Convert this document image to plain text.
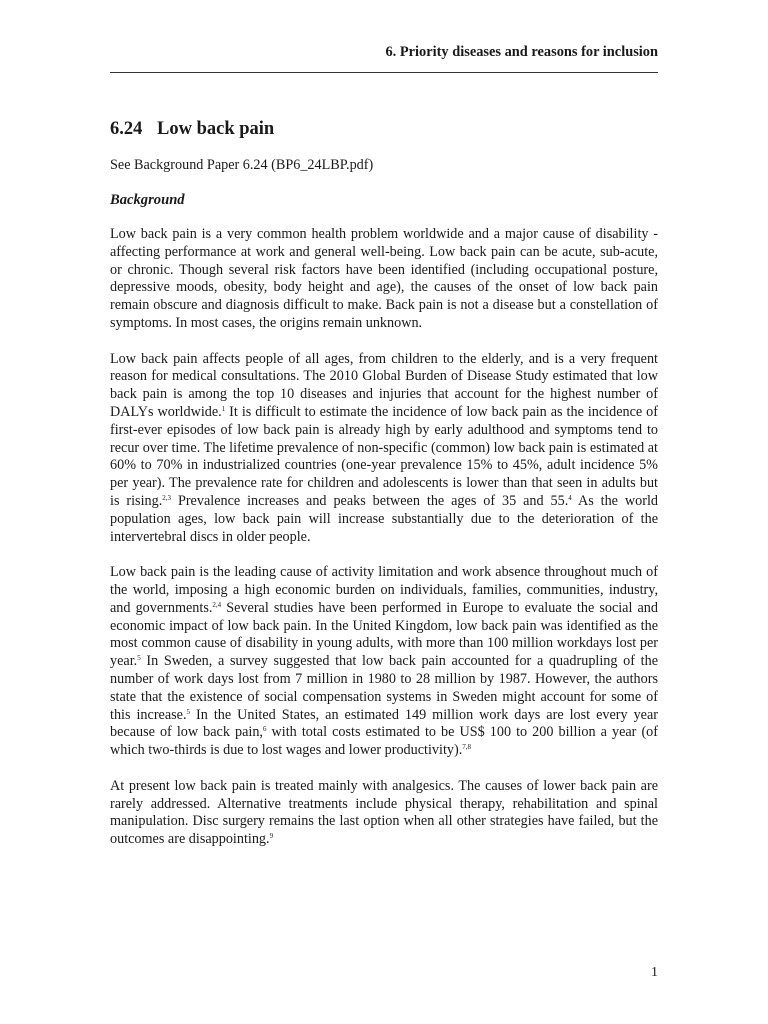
6. Priority diseases and reasons for inclusion
6.24 Low back pain
See Background Paper 6.24 (BP6_24LBP.pdf)
Background

Low back pain is a very common health problem worldwide and a major cause of disability - affecting performance at work and general well-being. Low back pain can be acute, sub-acute, or chronic. Though several risk factors have been identified (including occupational posture, depressive moods, obesity, body height and age), the causes of the onset of low back pain remain obscure and diagnosis difficult to make. Back pain is not a disease but a constellation of symptoms. In most cases, the origins remain unknown.

Low back pain affects people of all ages, from children to the elderly, and is a very frequent reason for medical consultations. The 2010 Global Burden of Disease Study estimated that low back pain is among the top 10 diseases and injuries that account for the highest number of DALYs worldwide.$^1$ It is difficult to estimate the incidence of low back pain as the incidence of first-ever episodes of low back pain is already high by early adulthood and symptoms tend to recur over time. The lifetime prevalence of non-specific (common) low back pain is estimated at 60% to 70% in industrialized countries (one-year prevalence 15% to 45%, adult incidence 5% per year). The prevalence rate for children and adolescents is lower than that seen in adults but is rising.$^{2,3}$ Prevalence increases and peaks between the ages of 35 and 55.$^4$ As the world population ages, low back pain will increase substantially due to the deterioration of the intervertebral discs in older people.

Low back pain is the leading cause of activity limitation and work absence throughout much of the world, imposing a high economic burden on individuals, families, communities, industry, and governments.$^{2,4}$ Several studies have been performed in Europe to evaluate the social and economic impact of low back pain. In the United Kingdom, low back pain was identified as the most common cause of disability in young adults, with more than 100 million workdays lost per year.$^5$ In Sweden, a survey suggested that low back pain accounted for a quadrupling of the number of work days lost from 7 million in 1980 to 28 million by 1987. However, the authors state that the existence of social compensation systems in Sweden might account for some of this increase.$^5$ In the United States, an estimated 149 million work days are lost every year because of low back pain,$^6$ with total costs estimated to be US$ 100 to 200 billion a year (of which two-thirds is due to lost wages and lower productivity).$^{7,8}$

At present low back pain is treated mainly with analgesics. The causes of lower back pain are rarely addressed. Alternative treatments include physical therapy, rehabilitation and spinal manipulation. Disc surgery remains the last option when all other strategies have failed, but the outcomes are disappointing.$^9$

1
